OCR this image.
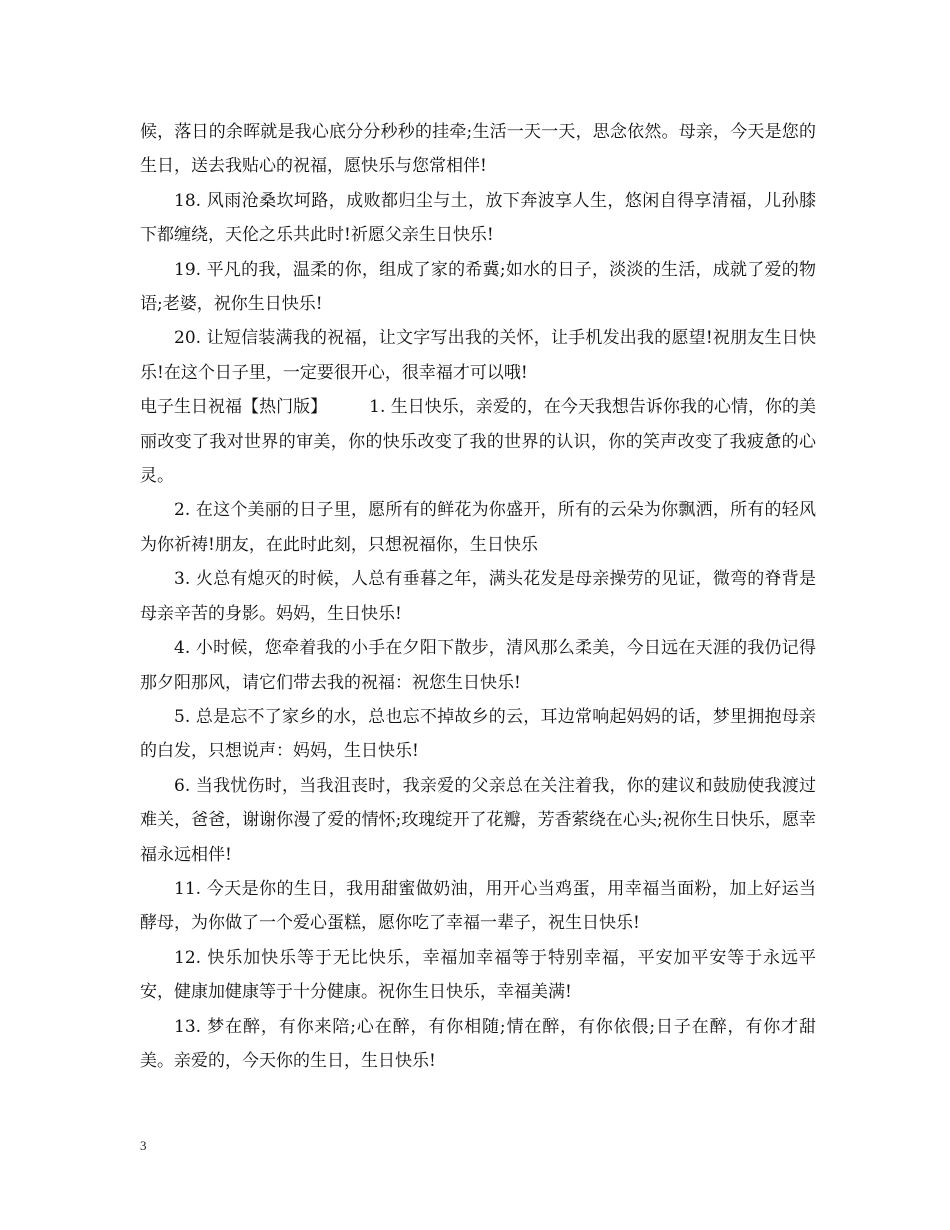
候，落日的余晖就是我心底分分秒秒的挂牵;生活一天一天，思念依然。母亲，今天是您的生日，送去我贴心的祝福，愿快乐与您常相伴!

18. 风雨沧桑坎坷路，成败都归尘与土，放下奔波享人生，悠闲自得享清福，儿孙膝下都缠绕，天伦之乐共此时!祈愿父亲生日快乐!

19. 平凡的我，温柔的你，组成了家的希冀;如水的日子，淡淡的生活，成就了爱的物语;老婆，祝你生日快乐!

20. 让短信装满我的祝福，让文字写出我的关怀，让手机发出我的愿望!祝朋友生日快乐!在这个日子里，一定要很开心，很幸福才可以哦!

电子生日祝福【热门版】 1. 生日快乐，亲爱的，在今天我想告诉你我的心情，你的美丽改变了我对世界的审美，你的快乐改变了我的世界的认识，你的笑声改变了我疲惫的心灵。

2. 在这个美丽的日子里，愿所有的鲜花为你盛开，所有的云朵为你飘洒，所有的轻风为你祈祷!朋友，在此时此刻，只想祝福你，生日快乐

3. 火总有熄灭的时候，人总有垂暮之年，满头花发是母亲操劳的见证，微弯的脊背是母亲辛苦的身影。妈妈，生日快乐!

4. 小时候，您牵着我的小手在夕阳下散步，清风那么柔美，今日远在天涯的我仍记得那夕阳那风，请它们带去我的祝福：祝您生日快乐!

5. 总是忘不了家乡的水，总也忘不掉故乡的云，耳边常响起妈妈的话，梦里拥抱母亲的白发，只想说声：妈妈，生日快乐!

6. 当我忧伤时，当我沮丧时，我亲爱的父亲总在关注着我，你的建议和鼓励使我渡过难关，爸爸，谢谢你漫了爱的情怀;玫瑰绽开了花瓣，芳香萦绕在心头;祝你生日快乐，愿幸福永远相伴!

11. 今天是你的生日，我用甜蜜做奶油，用开心当鸡蛋，用幸福当面粉，加上好运当酵母，为你做了一个爱心蛋糕，愿你吃了幸福一辈子，祝生日快乐!

12. 快乐加快乐等于无比快乐，幸福加幸福等于特别幸福，平安加平安等于永远平安，健康加健康等于十分健康。祝你生日快乐，幸福美满!

13. 梦在醉，有你来陪;心在醉，有你相随;情在醉，有你依偎;日子在醉，有你才甜美。亲爱的，今天你的生日，生日快乐!

3
